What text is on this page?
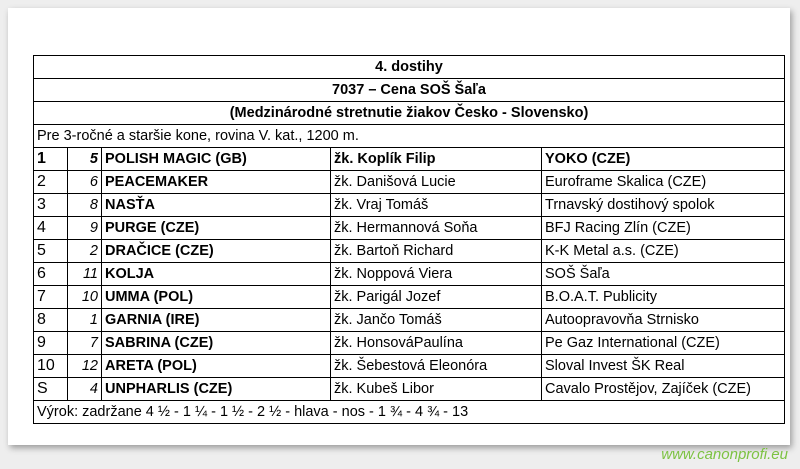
4. dostihy				
7037 – Cena SOŠ Šaľa				
(Medzinárodné stretnutie žiakov Česko - Slovensko)				
Pre 3-ročné a staršie kone, rovina V. kat., 1200 m.				
1	5	POLISH MAGIC (GB)	žk. Koplík Filip	YOKO (CZE)
2	6	PEACEMAKER	žk. Danišová Lucie	Euroframe Skalica (CZE)
3	8	NASŤA	žk. Vraj Tomáš	Trnavský dostihový spolok
4	9	PURGE (CZE)	žk. Hermannová Soňa	BFJ Racing Zlín (CZE)
5	2	DRAČICE (CZE)	žk. Bartoň Richard	K-K Metal a.s. (CZE)
6	11	KOLJA	žk. Noppová Viera	SOŠ Šaľa
7	10	UMMA (POL)	žk. Parigál Jozef	B.O.A.T. Publicity
8	1	GARNIA (IRE)	žk. Jančo Tomáš	Autoopravovňa Strnisko
9	7	SABRINA (CZE)	žk. HonsováPaulína	Pe Gaz International (CZE)
10	12	ARETA (POL)	žk. Šebestová Eleonóra	Sloval Invest ŠK Real
S	4	UNPHARLIS (CZE)	žk. Kubeš Libor	Cavalo Prostějov, Zajíček (CZE)
Výrok: zadržane 4 ½ - 1 ¼ - 1 ½ - 2 ½ - hlava - nos - 1 ¾ - 4 ¾ - 13				
www.canonprofi.eu
